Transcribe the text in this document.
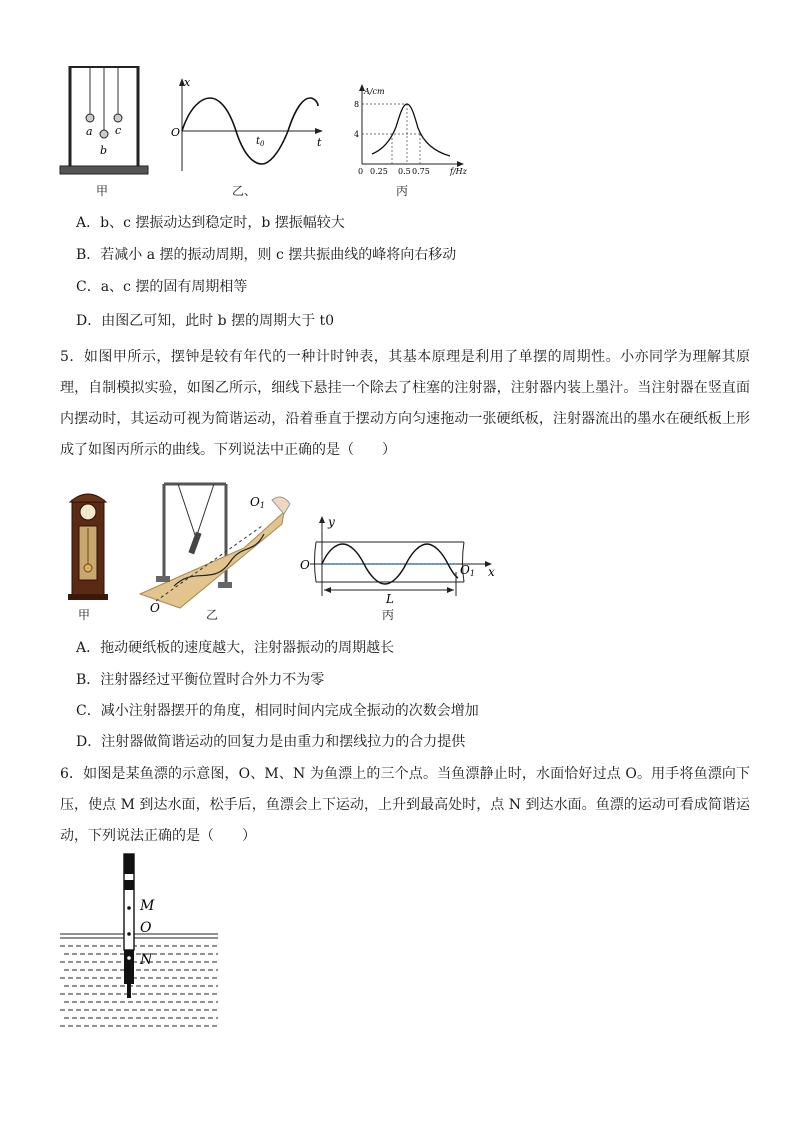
a
b
c
甲
x
O
$t_0$	t
乙、
A/cm
8
4
0 0.25 0.5 0.75	f/Hz
丙
A．b、c 摆振动达到稳定时，b 摆振幅较大
B．若减小 a 摆的振动周期，则 c 摆共振曲线的峰将向右移动
C．a、c 摆的固有周期相等
D．由图乙可知，此时 b 摆的周期大于 t0

5．如图甲所示，摆钟是较有年代的一种计时钟表，其基本原理是利用了单摆的周期性。小亦同学为理解其原理，自制模拟实验，如图乙所示，细线下悬挂一个除去了柱塞的注射器，注射器内装上墨汁。当注射器在竖直面内摆动时，其运动可视为简谐运动，沿着垂直于摆动方向匀速拖动一张硬纸板，注射器流出的墨水在硬纸板上形成了如图丙所示的曲线。下列说法中正确的是（　　）

甲	O
O1
乙
y
O	O1 x
L
丙
A．拖动硬纸板的速度越大，注射器振动的周期越长
B．注射器经过平衡位置时合外力不为零
C．减小注射器摆开的角度，相同时间内完成全振动的次数会增加
D．注射器做简谐运动的回复力是由重力和摆线拉力的合力提供

6．如图是某鱼漂的示意图，O、M、N 为鱼漂上的三个点。当鱼漂静止时，水面恰好过点 O。用手将鱼漂向下压，使点 M 到达水面，松手后，鱼漂会上下运动，上升到最高处时，点 N 到达水面。鱼漂的运动可看成简谐运动，下列说法正确的是（　　）

M
O
N
